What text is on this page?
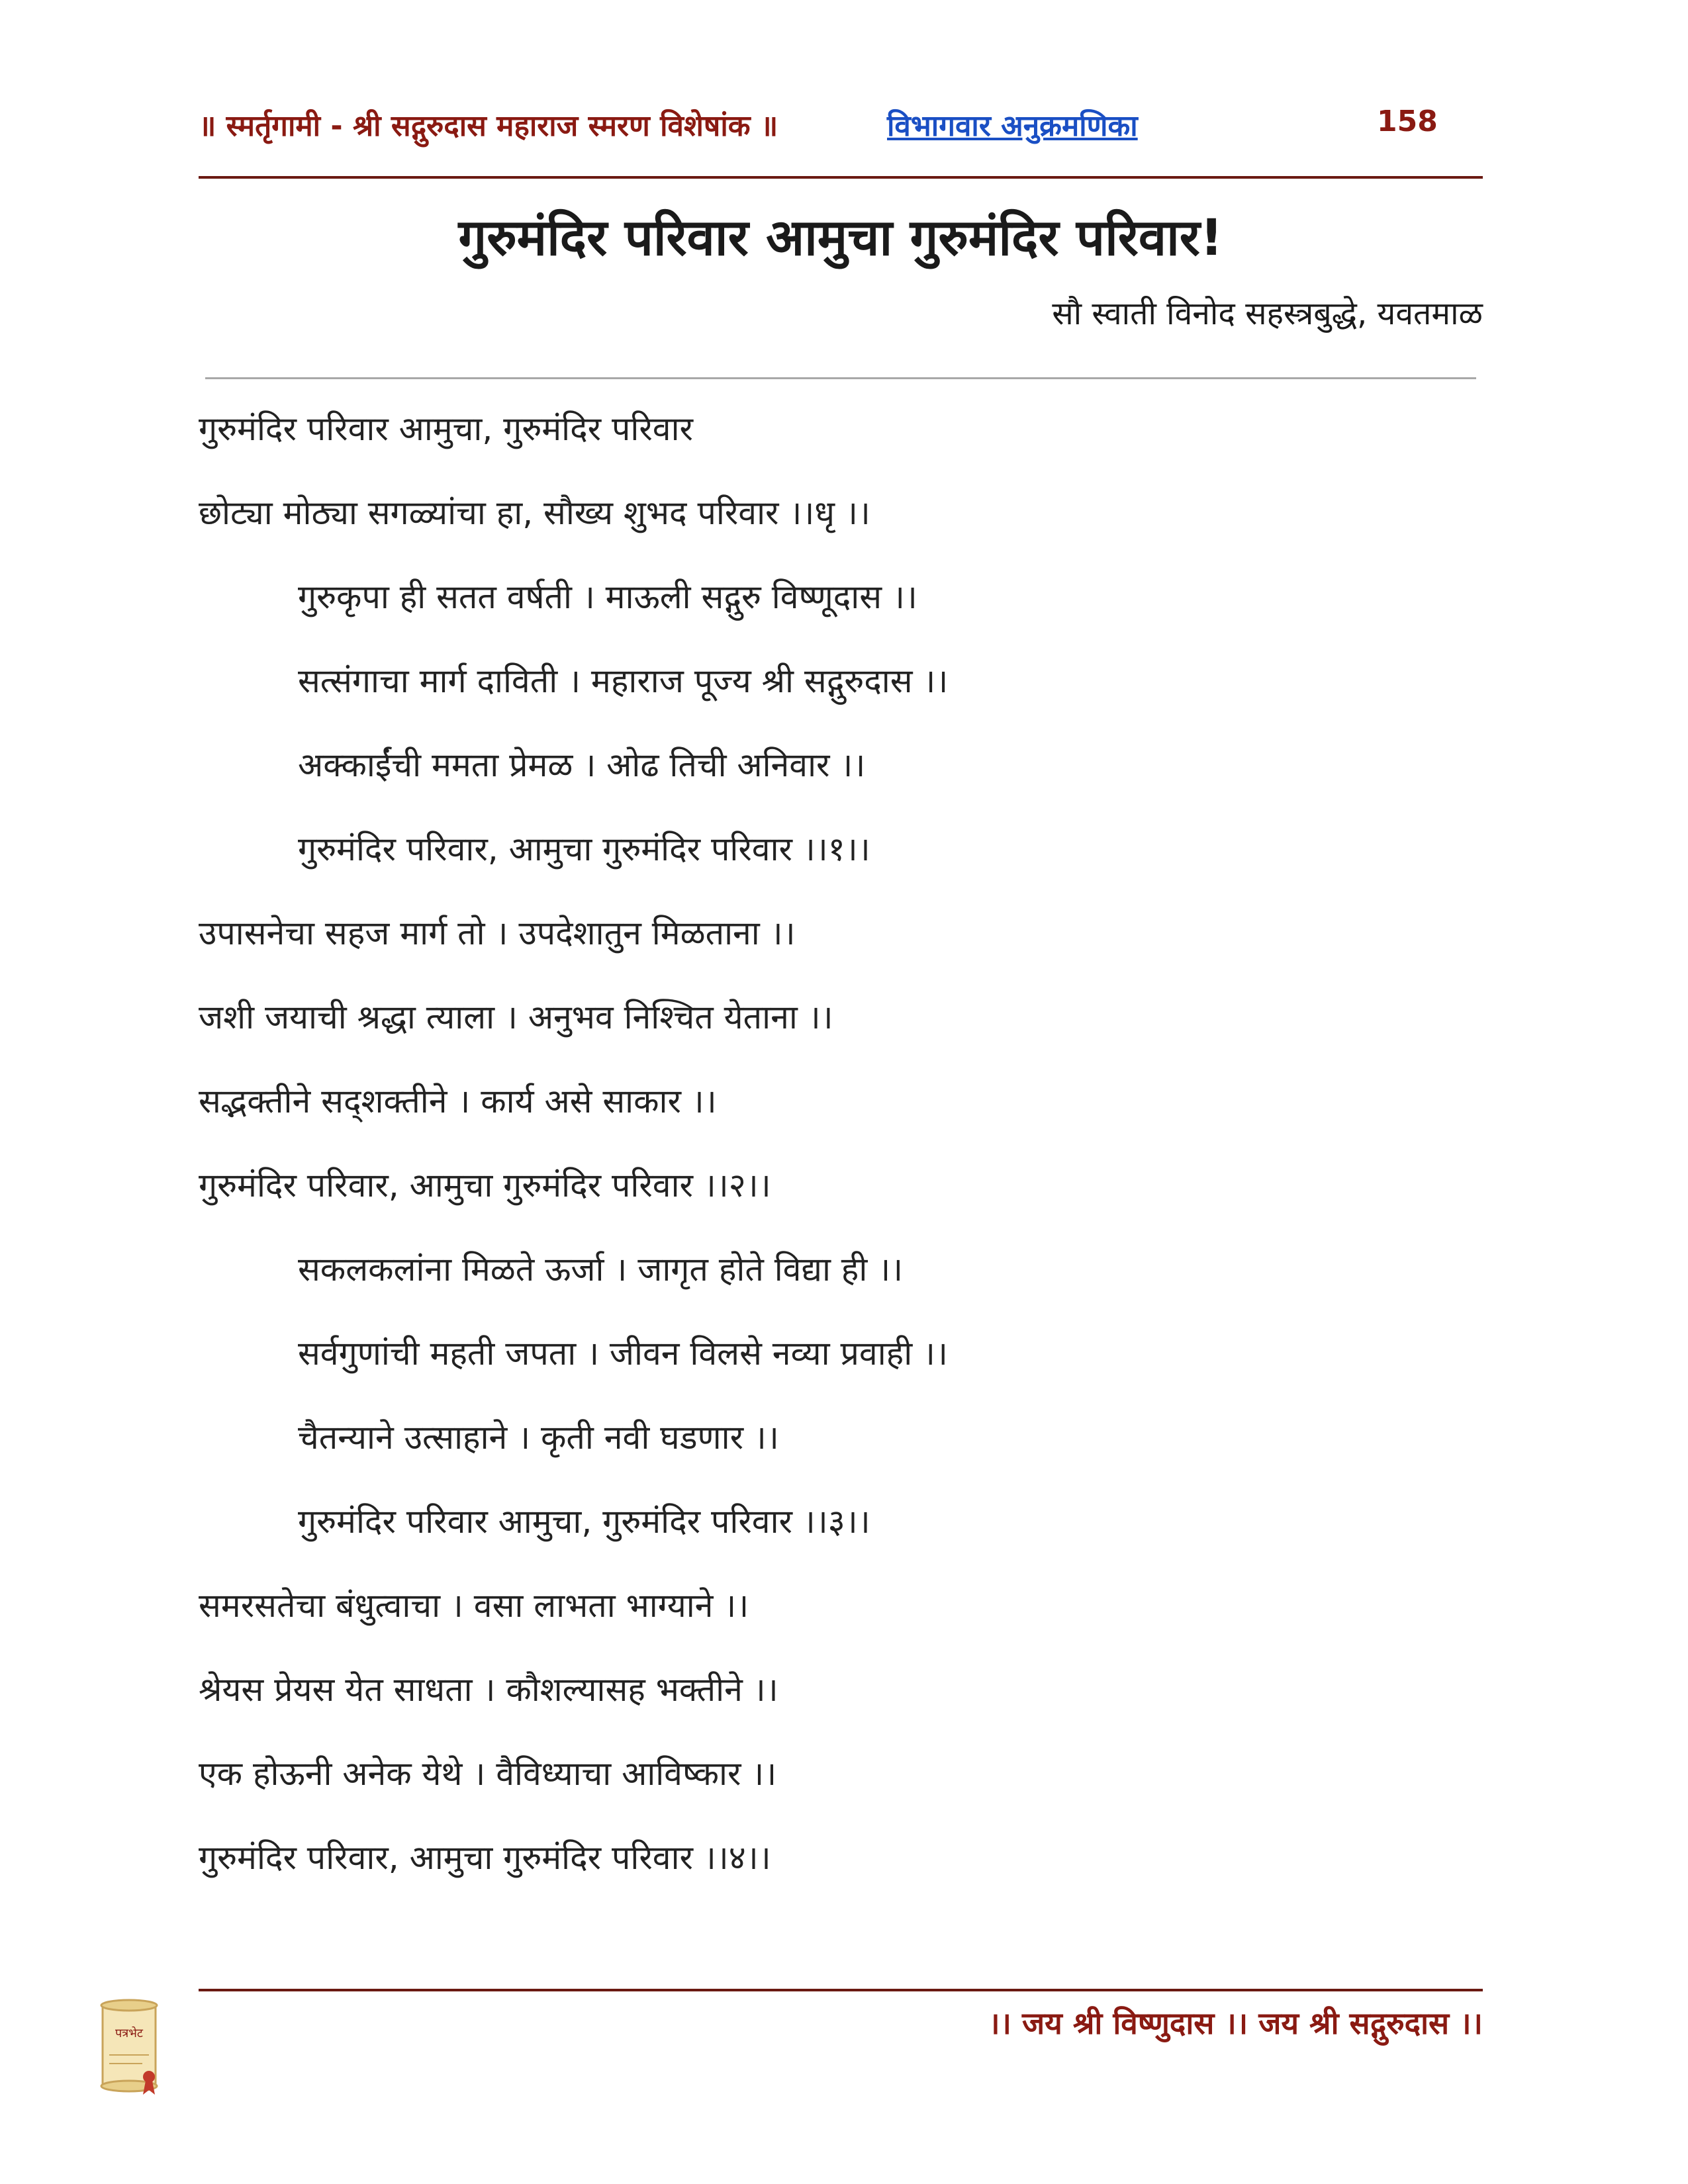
॥ स्मर्तृगामी - श्री सद्गुरुदास महाराज स्मरण विशेषांक ॥	विभागवार अनुक्रमणिका	158
गुरुमंदिर परिवार आमुचा गुरुमंदिर परिवार!
सौ स्वाती विनोद सहस्त्रबुद्धे, यवतमाळ
गुरुमंदिर परिवार आमुचा, गुरुमंदिर परिवार
छोट्या मोठ्या सगळ्यांचा हा, सौख्य शुभद परिवार ।।धृ ।।
गुरुकृपा ही सतत वर्षती । माऊली सद्गुरु विष्णूदास ।।
सत्संगाचा मार्ग दाविती । महाराज पूज्य श्री सद्गुरुदास ।।
अक्काईंची ममता प्रेमळ । ओढ तिची अनिवार ।।
गुरुमंदिर परिवार, आमुचा गुरुमंदिर परिवार ।।१।।
उपासनेचा सहज मार्ग तो । उपदेशातुन मिळताना ।।
जशी जयाची श्रद्धा त्याला । अनुभव निश्चित येताना ।।
सद्भक्तीने सद्शक्तीने । कार्य असे साकार ।।
गुरुमंदिर परिवार, आमुचा गुरुमंदिर परिवार ।।२।।
सकलकलांना मिळते ऊर्जा । जागृत होते विद्या ही ।।
सर्वगुणांची महती जपता । जीवन विलसे नव्या प्रवाही ।।
चैतन्याने उत्साहाने । कृती नवी घडणार ।।
गुरुमंदिर परिवार आमुचा, गुरुमंदिर परिवार ।।३।।
समरसतेचा बंधुत्वाचा । वसा लाभता भाग्याने ।।
श्रेयस प्रेयस येत साधता । कौशल्यासह भक्तीने ।।
एक होऊनी अनेक येथे । वैविध्याचा आविष्कार ।।
गुरुमंदिर परिवार, आमुचा गुरुमंदिर परिवार ।।४।।
।। जय श्री विष्णुदास ।। जय श्री सद्गुरुदास ।।
पत्रभेट
